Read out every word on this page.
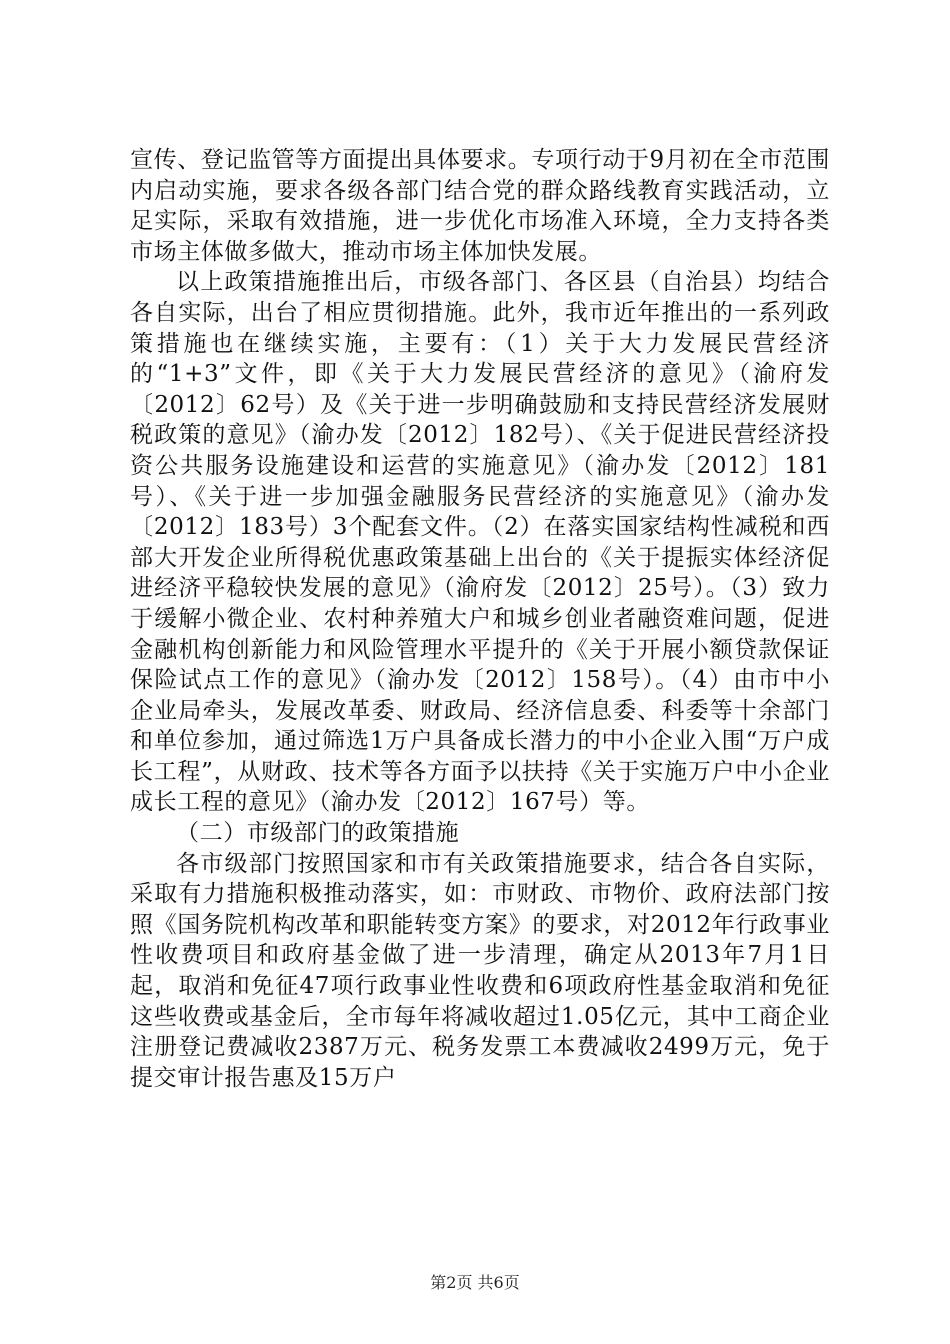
宣传、登记监管等方面提出具体要求。专项行动于9月初在全市范围内启动实施，要求各级各部门结合党的群众路线教育实践活动，立足实际，采取有效措施，进一步优化市场准入环境，全力支持各类市场主体做多做大，推动市场主体加快发展。

以上政策措施推出后，市级各部门、各区县（自治县）均结合各自实际，出台了相应贯彻措施。此外，我市近年推出的一系列政策措施也在继续实施，主要有：（1）关于大力发展民营经济的“1+3”文件，即《关于大力发展民营经济的意见》（渝府发〔2012〕62号）及《关于进一步明确鼓励和支持民营经济发展财税政策的意见》（渝办发〔2012〕182号）、《关于促进民营经济投资公共服务设施建设和运营的实施意见》（渝办发〔2012〕181号）、《关于进一步加强金融服务民营经济的实施意见》（渝办发〔2012〕183号）3个配套文件。（2）在落实国家结构性减税和西部大开发企业所得税优惠政策基础上出台的《关于提振实体经济促进经济平稳较快发展的意见》（渝府发〔2012〕25号）。（3）致力于缓解小微企业、农村种养殖大户和城乡创业者融资难问题，促进金融机构创新能力和风险管理水平提升的《关于开展小额贷款保证保险试点工作的意见》（渝办发〔2012〕158号）。（4）由市中小企业局牵头，发展改革委、财政局、经济信息委、科委等十余部门和单位参加，通过筛选1万户具备成长潜力的中小企业入围“万户成长工程”，从财政、技术等各方面予以扶持《关于实施万户中小企业成长工程的意见》（渝办发〔2012〕167号）等。

（二）市级部门的政策措施

各市级部门按照国家和市有关政策措施要求，结合各自实际，采取有力措施积极推动落实，如：市财政、市物价、政府法部门按照《国务院机构改革和职能转变方案》的要求，对2012年行政事业性收费项目和政府基金做了进一步清理，确定从2013年7月1日起，取消和免征47项行政事业性收费和6项政府性基金取消和免征这些收费或基金后，全市每年将减收超过1.05亿元，其中工商企业注册登记费减收2387万元、税务发票工本费减收2499万元，免于提交审计报告惠及15万户

第2页 共6页
